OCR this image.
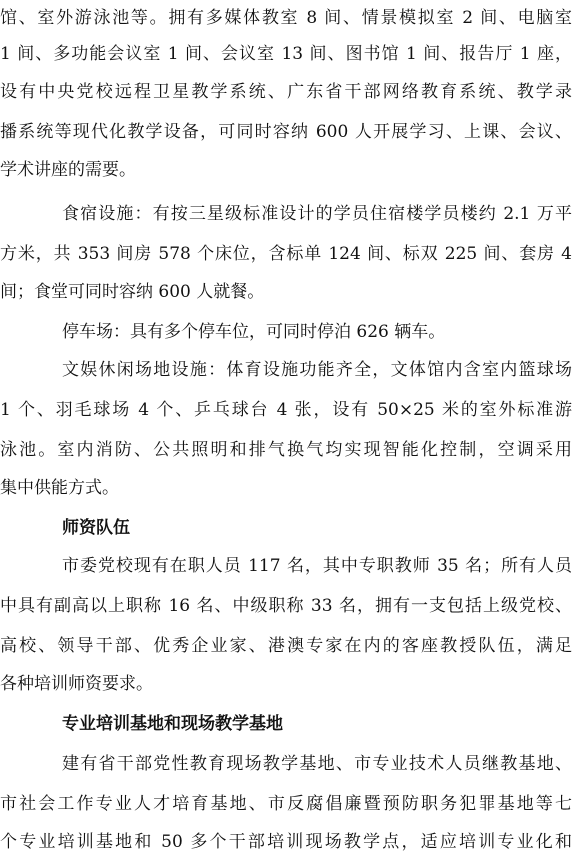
馆、室外游泳池等。拥有多媒体教室 8 间、情景模拟室 2 间、电脑室
1 间、多功能会议室 1 间、会议室 13 间、图书馆 1 间、报告厅 1 座，
设有中央党校远程卫星教学系统、广东省干部网络教育系统、教学录
播系统等现代化教学设备，可同时容纳 600 人开展学习、上课、会议、
学术讲座的需要。
食宿设施：有按三星级标准设计的学员住宿楼学员楼约 2.1 万平
方米，共 353 间房 578 个床位，含标单 124 间、标双 225 间、套房 4
间；食堂可同时容纳 600 人就餐。
停车场：具有多个停车位，可同时停泊 626 辆车。
文娱休闲场地设施：体育设施功能齐全，文体馆内含室内篮球场
1 个、羽毛球场 4 个、乒乓球台 4 张，设有 50×25 米的室外标准游
泳池。室内消防、公共照明和排气换气均实现智能化控制，空调采用
集中供能方式。
师资队伍
市委党校现有在职人员 117 名，其中专职教师 35 名；所有人员
中具有副高以上职称 16 名、中级职称 33 名，拥有一支包括上级党校、
高校、领导干部、优秀企业家、港澳专家在内的客座教授队伍，满足
各种培训师资要求。
专业培训基地和现场教学基地
建有省干部党性教育现场教学基地、市专业技术人员继教基地、
市社会工作专业人才培育基地、市反腐倡廉暨预防职务犯罪基地等七
个专业培训基地和 50 多个干部培训现场教学点，适应培训专业化和
